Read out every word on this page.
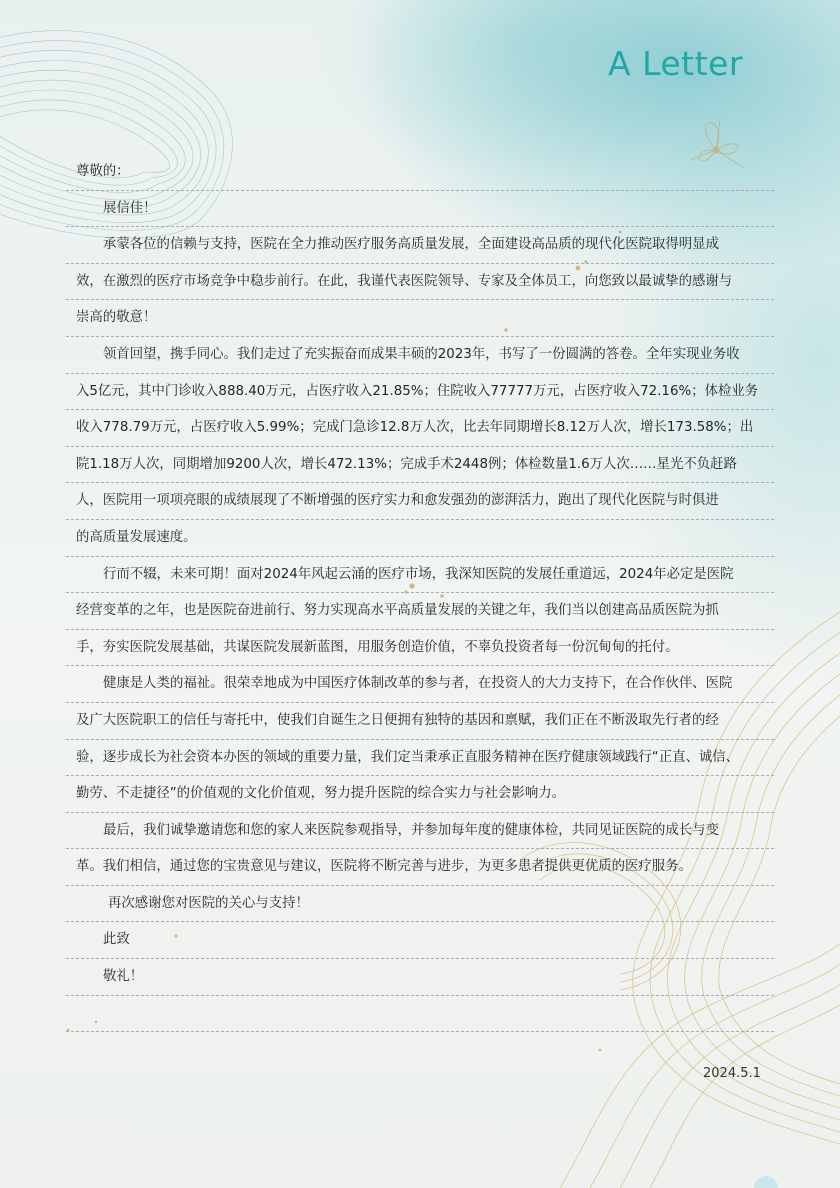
A Letter
尊敬的：
展信佳！
承蒙各位的信赖与支持，医院在全力推动医疗服务高质量发展，全面建设高品质的现代化医院取得明显成
效，在激烈的医疗市场竞争中稳步前行。在此，我谨代表医院领导、专家及全体员工，向您致以最诚挚的感谢与
崇高的敬意！
领首回望，携手同心。我们走过了充实振奋而成果丰硕的2023年，书写了一份圆满的答卷。全年实现业务收
入5亿元，其中门诊收入888.40万元，占医疗收入21.85%；住院收入77777万元，占医疗收入72.16%；体检业务
收入778.79万元，占医疗收入5.99%；完成门急诊12.8万人次，比去年同期增长8.12万人次，增长173.58%；出
院1.18万人次，同期增加9200人次，增长472.13%；完成手术2448例；体检数量1.6万人次……星光不负赶路
人，医院用一项项亮眼的成绩展现了不断增强的医疗实力和愈发强劲的澎湃活力，跑出了现代化医院与时俱进
的高质量发展速度。
行而不辍，未来可期！面对2024年风起云涌的医疗市场，我深知医院的发展任重道远，2024年必定是医院
经营变革的之年，也是医院奋进前行、努力实现高水平高质量发展的关键之年，我们当以创建高品质医院为抓
手，夯实医院发展基础，共谋医院发展新蓝图，用服务创造价值，不辜负投资者每一份沉甸甸的托付。
健康是人类的福祉。很荣幸地成为中国医疗体制改革的参与者，在投资人的大力支持下，在合作伙伴、医院
及广大医院职工的信任与寄托中，使我们自诞生之日便拥有独特的基因和禀赋，我们正在不断汲取先行者的经
验，逐步成长为社会资本办医的领域的重要力量，我们定当秉承正直服务精神在医疗健康领域践行“正直、诚信、
勤劳、不走捷径”的价值观的文化价值观，努力提升医院的综合实力与社会影响力。
最后，我们诚挚邀请您和您的家人来医院参观指导，并参加每年度的健康体检，共同见证医院的成长与变
革。我们相信，通过您的宝贵意见与建议，医院将不断完善与进步，为更多患者提供更优质的医疗服务。
再次感谢您对医院的关心与支持！
此致
敬礼！
2024.5.1
